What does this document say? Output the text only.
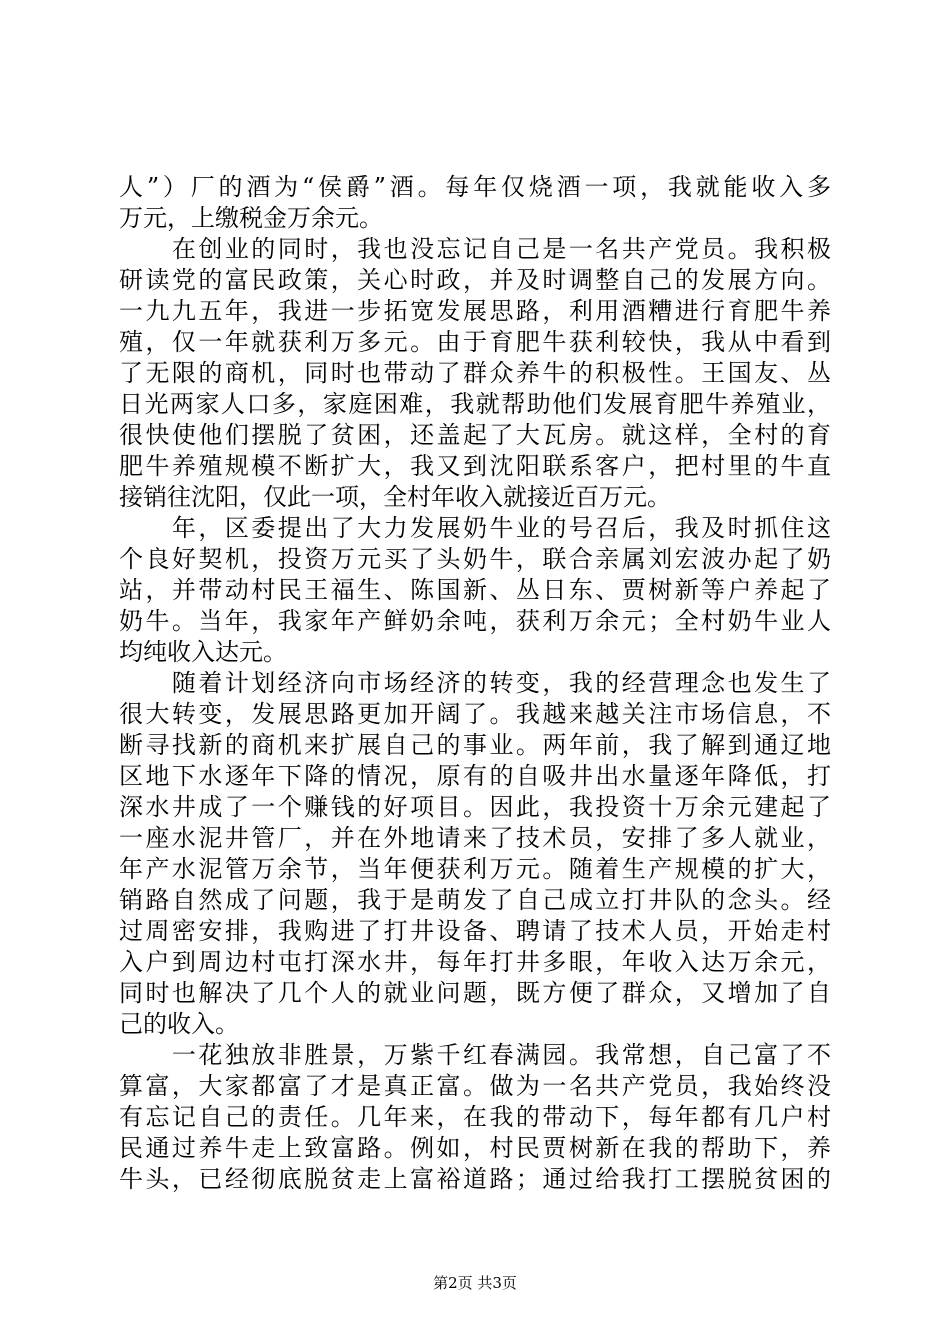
人”）厂的酒为“侯爵”酒。每年仅烧酒一项，我就能收入多
万元，上缴税金万余元。
　　在创业的同时，我也没忘记自己是一名共产党员。我积极
研读党的富民政策，关心时政，并及时调整自己的发展方向。
一九九五年，我进一步拓宽发展思路，利用酒糟进行育肥牛养
殖，仅一年就获利万多元。由于育肥牛获利较快，我从中看到
了无限的商机，同时也带动了群众养牛的积极性。王国友、丛
日光两家人口多，家庭困难，我就帮助他们发展育肥牛养殖业，
很快使他们摆脱了贫困，还盖起了大瓦房。就这样，全村的育
肥牛养殖规模不断扩大，我又到沈阳联系客户，把村里的牛直
接销往沈阳，仅此一项，全村年收入就接近百万元。
　　年，区委提出了大力发展奶牛业的号召后，我及时抓住这
个良好契机，投资万元买了头奶牛，联合亲属刘宏波办起了奶
站，并带动村民王福生、陈国新、丛日东、贾树新等户养起了
奶牛。当年，我家年产鲜奶余吨，获利万余元；全村奶牛业人
均纯收入达元。
　　随着计划经济向市场经济的转变，我的经营理念也发生了
很大转变，发展思路更加开阔了。我越来越关注市场信息，不
断寻找新的商机来扩展自己的事业。两年前，我了解到通辽地
区地下水逐年下降的情况，原有的自吸井出水量逐年降低，打
深水井成了一个赚钱的好项目。因此，我投资十万余元建起了
一座水泥井管厂，并在外地请来了技术员，安排了多人就业，
年产水泥管万余节，当年便获利万元。随着生产规模的扩大，
销路自然成了问题，我于是萌发了自己成立打井队的念头。经
过周密安排，我购进了打井设备、聘请了技术人员，开始走村
入户到周边村屯打深水井，每年打井多眼，年收入达万余元，
同时也解决了几个人的就业问题，既方便了群众，又增加了自
己的收入。
　　一花独放非胜景，万紫千红春满园。我常想，自己富了不
算富，大家都富了才是真正富。做为一名共产党员，我始终没
有忘记自己的责任。几年来，在我的带动下，每年都有几户村
民通过养牛走上致富路。例如，村民贾树新在我的帮助下，养
牛头，已经彻底脱贫走上富裕道路；通过给我打工摆脱贫困的
第2页 共3页
